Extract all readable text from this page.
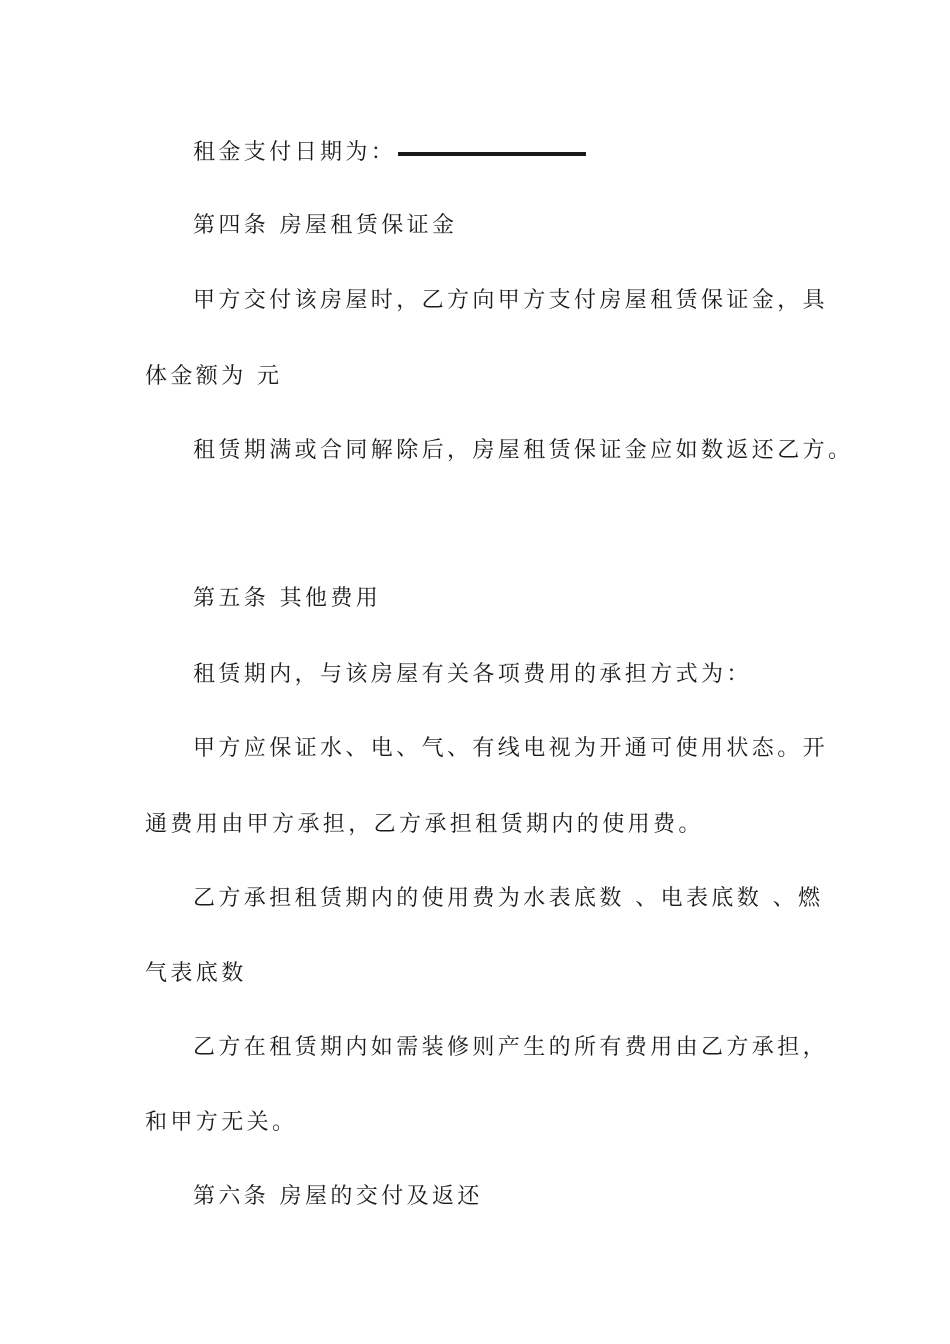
租金支付日期为：
第四条 房屋租赁保证金
甲方交付该房屋时，乙方向甲方支付房屋租赁保证金，具
体金额为 元
租赁期满或合同解除后，房屋租赁保证金应如数返还乙方。
第五条 其他费用
租赁期内，与该房屋有关各项费用的承担方式为：
甲方应保证水、电、气、有线电视为开通可使用状态。开
通费用由甲方承担，乙方承担租赁期内的使用费。
乙方承担租赁期内的使用费为水表底数 、电表底数 、燃
气表底数
乙方在租赁期内如需装修则产生的所有费用由乙方承担，
和甲方无关。
第六条 房屋的交付及返还
